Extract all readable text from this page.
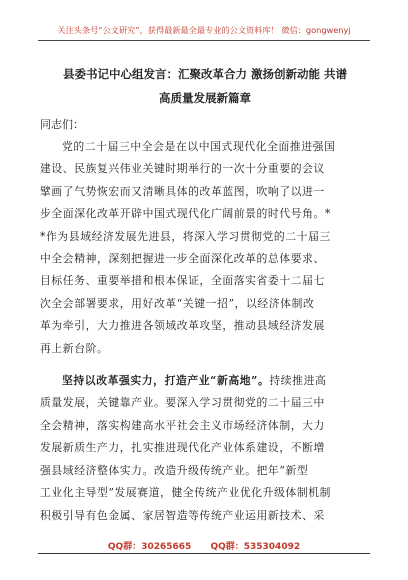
关注头条号“公文研究”，获得最新最全最专业的公文资料库！ 微信：gongwenyj
县委书记中心组发言：汇聚改革合力 激扬创新动能 共谱
高质量发展新篇章
同志们：
党的二十届三中全会是在以中国式现代化全面推进强国
建设、民族复兴伟业关键时期举行的一次十分重要的会议
擘画了气势恢宏而又清晰具体的改革蓝图，吹响了以进一
步全面深化改革开辟中国式现代化广阔前景的时代号角。*
*作为县域经济发展先进县，将深入学习贯彻党的二十届三
中全会精神，深刻把握进一步全面深化改革的总体要求、
目标任务、重要举措和根本保证，全面落实省委十二届七
次全会部署要求，用好改革“关键一招”，以经济体制改
革为牵引，大力推进各领域改革攻坚，推动县域经济发展
再上新台阶。
坚持以改革强实力，打造产业“新高地”。持续推进高
质量发展，关键靠产业。要深入学习贯彻党的二十届三中
全会精神，落实构建高水平社会主义市场经济体制，大力
发展新质生产力，扎实推进现代化产业体系建设，不断增
强县域经济整体实力。改造升级传统产业。把年“新型
工业化主导型”发展赛道，健全传统产业优化升级体制机制
积极引导有色金属、家居智造等传统产业运用新技术、采
QQ群：30265665 QQ群：535304092
